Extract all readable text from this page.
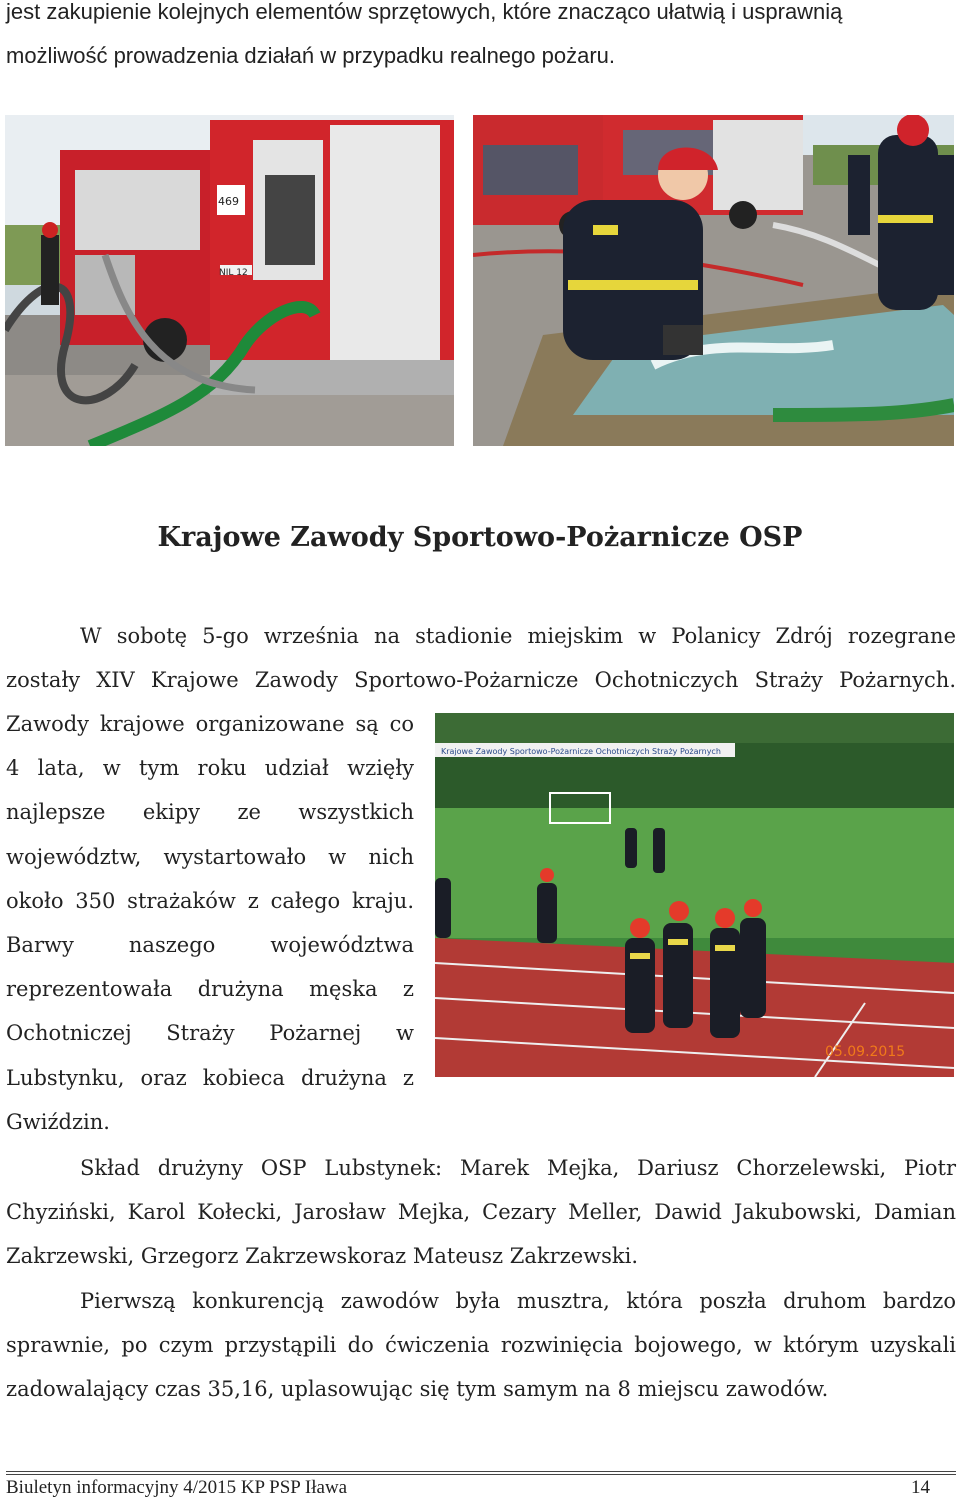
jest zakupienie kolejnych elementów sprzętowych, które znacząco ułatwią i usprawnią
możliwość prowadzenia działań w przypadku realnego pożaru.
469
NIL 12
Krajowe Zawody Sportowo-Pożarnicze OSP
W sobotę 5-go września na stadionie miejskim w Polanicy Zdrój rozegrane
zostały XIV Krajowe Zawody Sportowo-Pożarnicze Ochotniczych Straży Pożarnych.
Zawody krajowe organizowane są co
4 lata, w tym roku udział wzięły
najlepsze ekipy ze wszystkich
województw, wystartowało w nich
około 350 strażaków z całego kraju.
Barwy naszego województwa
reprezentowała drużyna męska z
Ochotniczej Straży Pożarnej w
Lubstynku, oraz kobieca drużyna z
Gwiździn.
Krajowe Zawody Sportowo-Pożarnicze Ochotniczych Straży Pożarnych
05.09.2015
Skład drużyny OSP Lubstynek: Marek Mejka, Dariusz Chorzelewski, Piotr Chyziński, Karol Kołecki, Jarosław Mejka, Cezary Meller, Dawid Jakubowski, Damian Zakrzewski, Grzegorz Zakrzewskoraz Mateusz Zakrzewski.
Pierwszą konkurencją zawodów była musztra, która poszła druhom bardzo sprawnie, po czym przystąpili do ćwiczenia rozwinięcia bojowego, w którym uzyskali zadowalający czas 35,16, uplasowując się tym samym na 8 miejscu zawodów.
Biuletyn informacyjny 4/2015 KP PSP Iława	14
